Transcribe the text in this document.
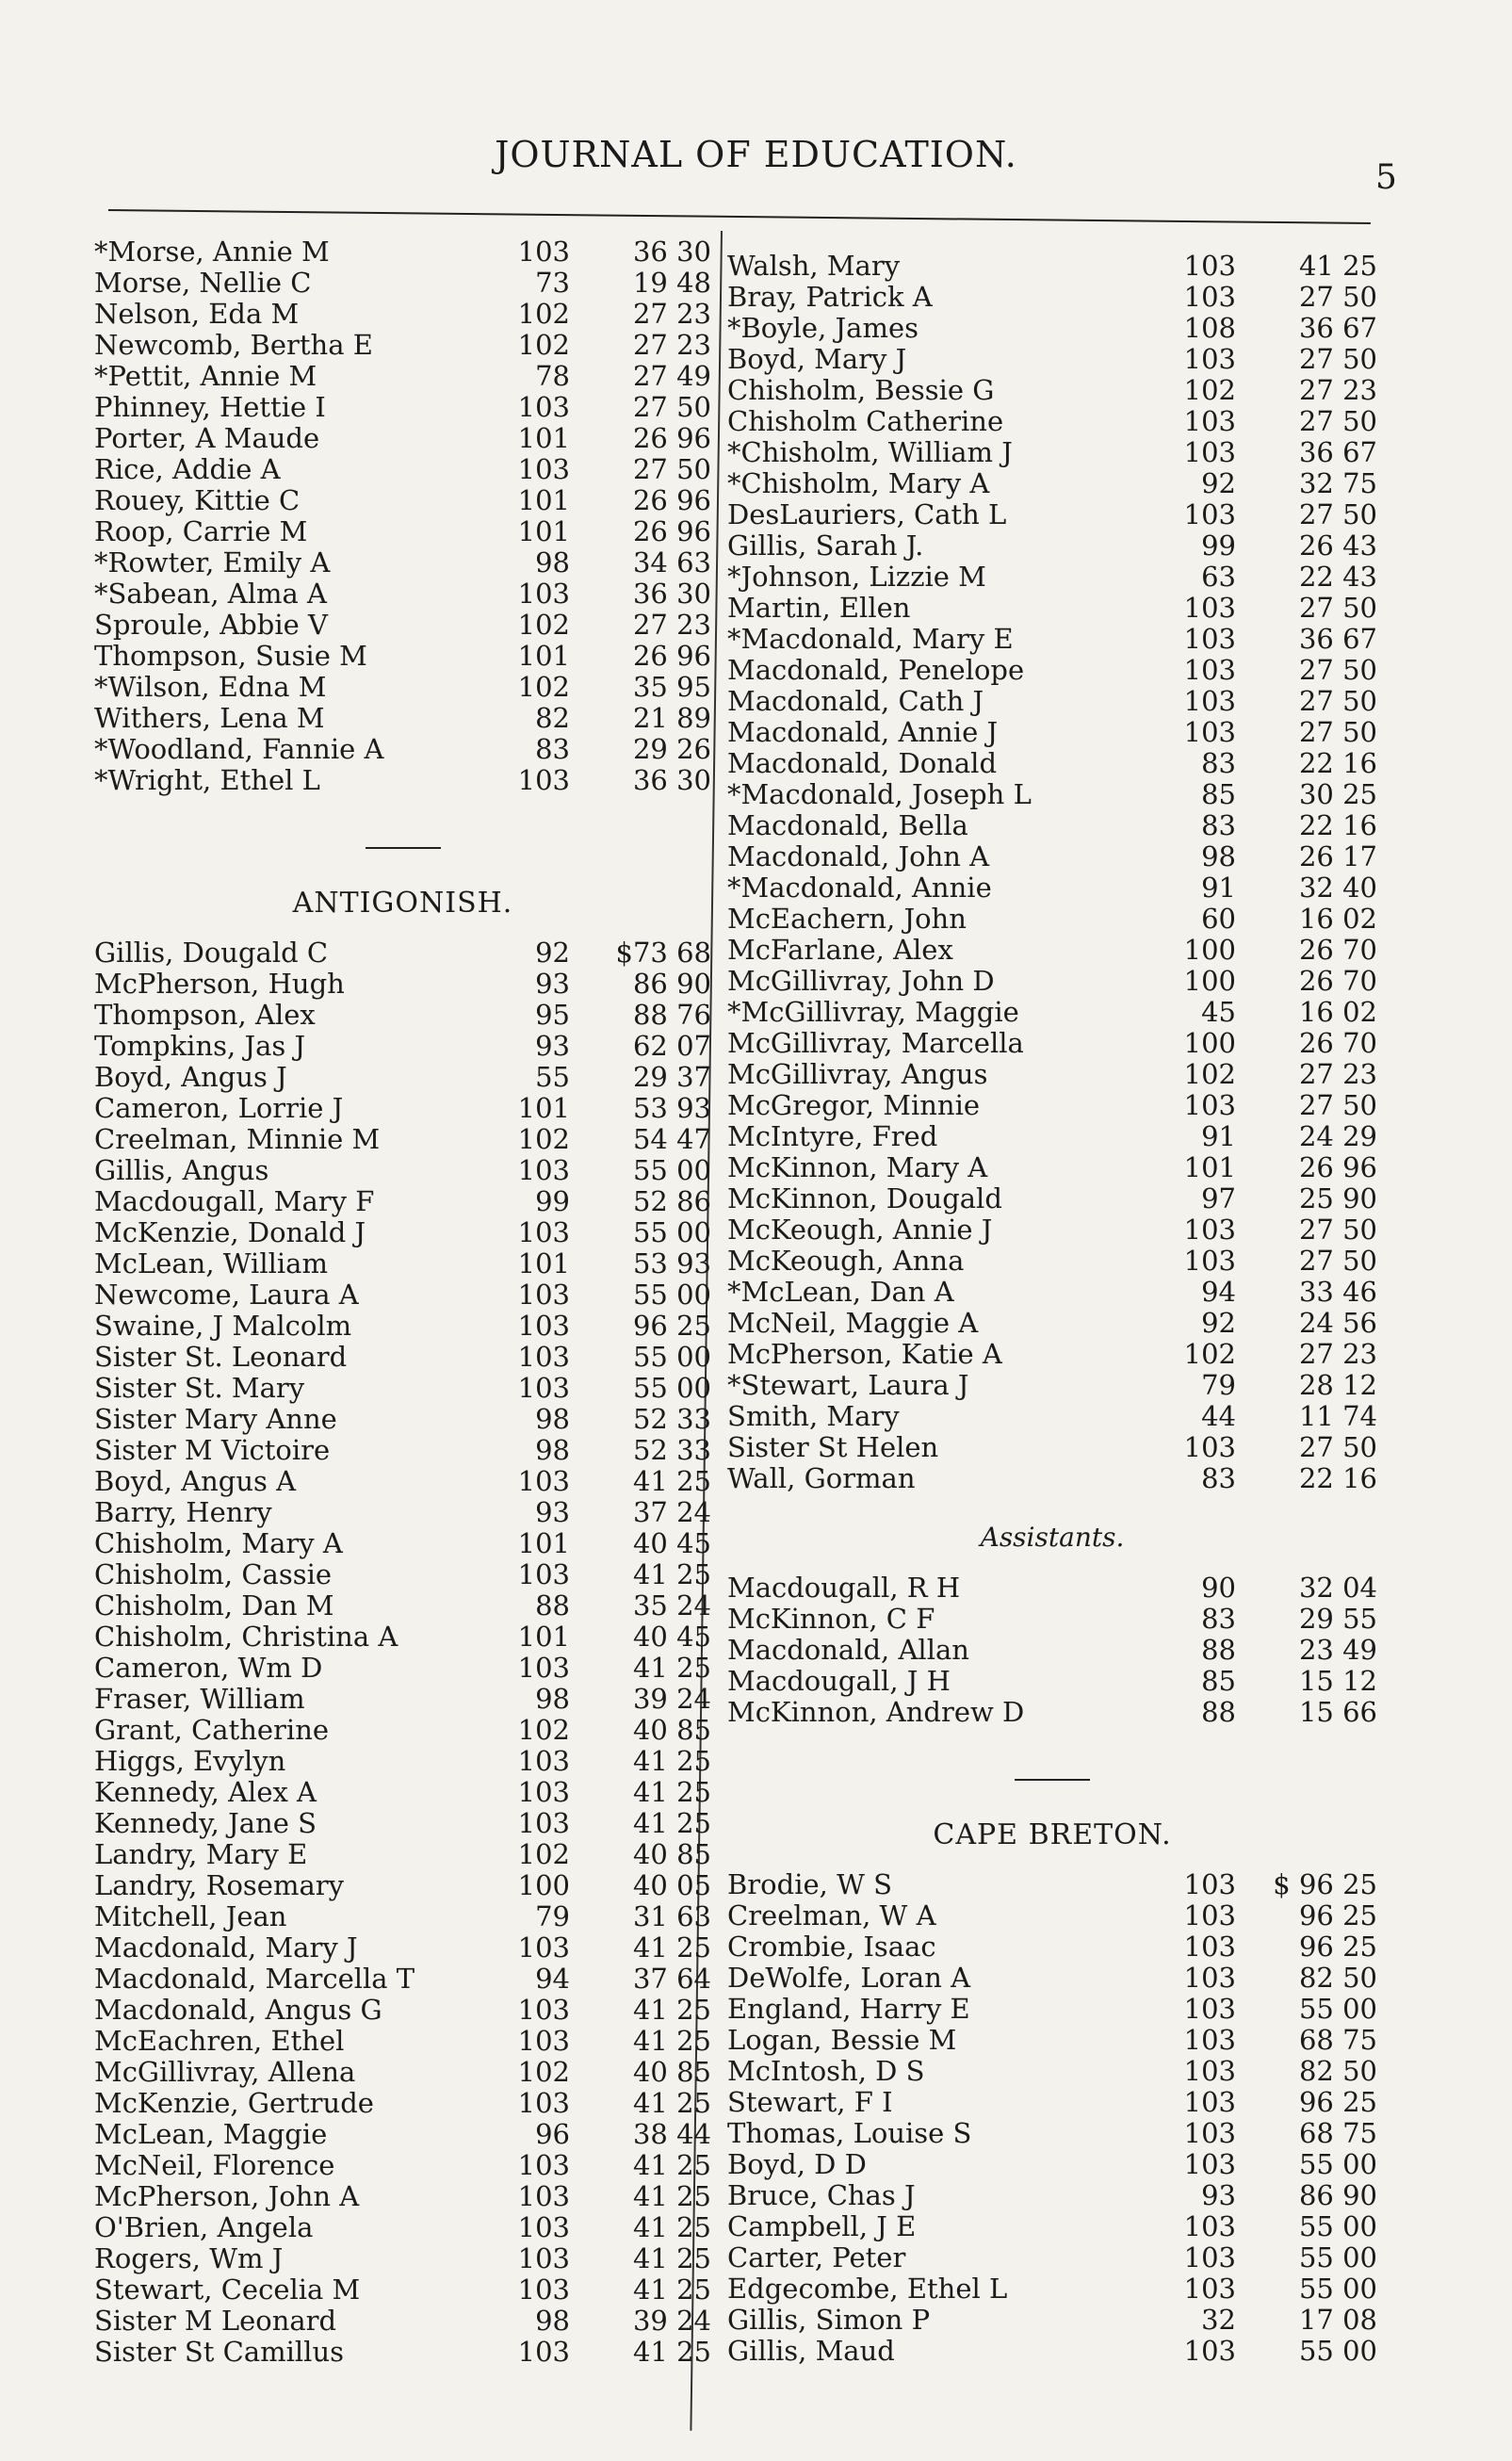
JOURNAL OF EDUCATION.
5
*Morse, Annie M	103	36 30
Morse, Nellie C	73	19 48
Nelson, Eda M	102	27 23
Newcomb, Bertha E	102	27 23
*Pettit, Annie M	78	27 49
Phinney, Hettie I	103	27 50
Porter, A Maude	101	26 96
Rice, Addie A	103	27 50
Rouey, Kittie C	101	26 96
Roop, Carrie M	101	26 96
*Rowter, Emily A	98	34 63
*Sabean, Alma A	103	36 30
Sproule, Abbie V	102	27 23
Thompson, Susie M	101	26 96
*Wilson, Edna M	102	35 95
Withers, Lena M	82	21 89
*Woodland, Fannie A	83	29 26
*Wright, Ethel L	103	36 30
ANTIGONISH.
Gillis, Dougald C	92	$73 68
McPherson, Hugh	93	86 90
Thompson, Alex	95	88 76
Tompkins, Jas J	93	62 07
Boyd, Angus J	55	29 37
Cameron, Lorrie J	101	53 93
Creelman, Minnie M	102	54 47
Gillis, Angus	103	55 00
Macdougall, Mary F	99	52 86
McKenzie, Donald J	103	55 00
McLean, William	101	53 93
Newcome, Laura A	103	55 00
Swaine, J Malcolm	103	96 25
Sister St. Leonard	103	55 00
Sister St. Mary	103	55 00
Sister Mary Anne	98	52 33
Sister M Victoire	98	52 33
Boyd, Angus A	103	41 25
Barry, Henry	93	37 24
Chisholm, Mary A	101	40 45
Chisholm, Cassie	103	41 25
Chisholm, Dan M	88	35 24
Chisholm, Christina A	101	40 45
Cameron, Wm D	103	41 25
Fraser, William	98	39 24
Grant, Catherine	102	40 85
Higgs, Evylyn	103	41 25
Kennedy, Alex A	103	41 25
Kennedy, Jane S	103	41 25
Landry, Mary E	102	40 85
Landry, Rosemary	100	40 05
Mitchell, Jean	79	31 63
Macdonald, Mary J	103	41 25
Macdonald, Marcella T	94	37 64
Macdonald, Angus G	103	41 25
McEachren, Ethel	103	41 25
McGillivray, Allena	102	40 85
McKenzie, Gertrude	103	41 25
McLean, Maggie	96	38 44
McNeil, Florence	103	41 25
McPherson, John A	103	41 25
O'Brien, Angela	103	41 25
Rogers, Wm J	103	41 25
Stewart, Cecelia M	103	41 25
Sister M Leonard	98	39 24
Sister St Camillus	103	41 25
Walsh, Mary	103	41 25
Bray, Patrick A	103	27 50
*Boyle, James	108	36 67
Boyd, Mary J	103	27 50
Chisholm, Bessie G	102	27 23
Chisholm Catherine	103	27 50
*Chisholm, William J	103	36 67
*Chisholm, Mary A	92	32 75
DesLauriers, Cath L	103	27 50
Gillis, Sarah J.	99	26 43
*Johnson, Lizzie M	63	22 43
Martin, Ellen	103	27 50
*Macdonald, Mary E	103	36 67
Macdonald, Penelope	103	27 50
Macdonald, Cath J	103	27 50
Macdonald, Annie J	103	27 50
Macdonald, Donald	83	22 16
*Macdonald, Joseph L	85	30 25
Macdonald, Bella	83	22 16
Macdonald, John A	98	26 17
*Macdonald, Annie	91	32 40
McEachern, John	60	16 02
McFarlane, Alex	100	26 70
McGillivray, John D	100	26 70
*McGillivray, Maggie	45	16 02
McGillivray, Marcella	100	26 70
McGillivray, Angus	102	27 23
McGregor, Minnie	103	27 50
McIntyre, Fred	91	24 29
McKinnon, Mary A	101	26 96
McKinnon, Dougald	97	25 90
McKeough, Annie J	103	27 50
McKeough, Anna	103	27 50
*McLean, Dan A	94	33 46
McNeil, Maggie A	92	24 56
McPherson, Katie A	102	27 23
*Stewart, Laura J	79	28 12
Smith, Mary	44	11 74
Sister St Helen	103	27 50
Wall, Gorman	83	22 16
Assistants.
Macdougall, R H	90	32 04
McKinnon, C F	83	29 55
Macdonald, Allan	88	23 49
Macdougall, J H	85	15 12
McKinnon, Andrew D	88	15 66
CAPE BRETON.
Brodie, W S	103	$ 96 25
Creelman, W A	103	96 25
Crombie, Isaac	103	96 25
DeWolfe, Loran A	103	82 50
England, Harry E	103	55 00
Logan, Bessie M	103	68 75
McIntosh, D S	103	82 50
Stewart, F I	103	96 25
Thomas, Louise S	103	68 75
Boyd, D D	103	55 00
Bruce, Chas J	93	86 90
Campbell, J E	103	55 00
Carter, Peter	103	55 00
Edgecombe, Ethel L	103	55 00
Gillis, Simon P	32	17 08
Gillis, Maud	103	55 00
